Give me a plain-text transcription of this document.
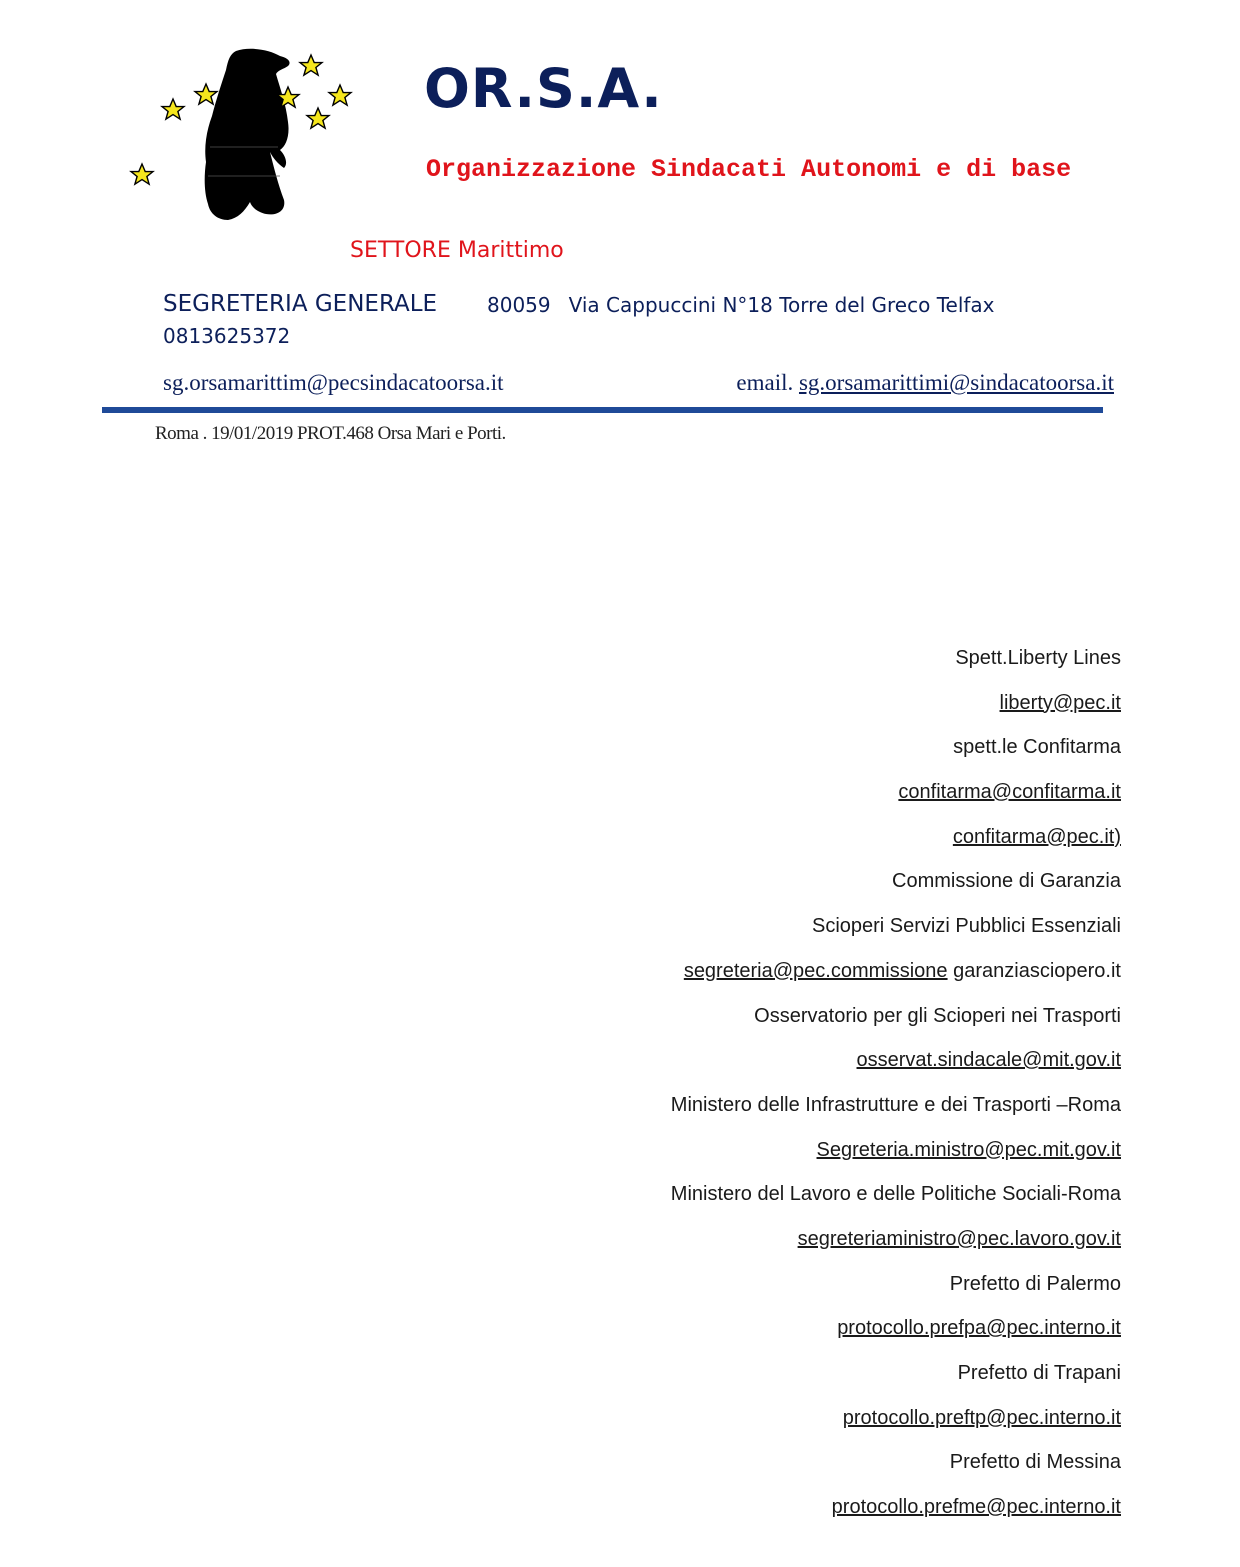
OR.S.A.
Organizzazione Sindacati Autonomi e di base
SETTORE Marittimo
SEGRETERIA GENERALE 80059 Via Cappuccini N°18 Torre del Greco Telfax
0813625372
sg.orsamarittim@pecsindacatoorsa.it	email. sg.orsamarittimi@sindacatoorsa.it
Roma . 19/01/2019 PROT.468 Orsa Mari e Porti.
Spett.Liberty Lines
liberty@pec.it
spett.le Confitarma
confitarma@confitarma.it
confitarma@pec.it)
Commissione di Garanzia
Scioperi Servizi Pubblici Essenziali
segreteria@pec.commissione garanziasciopero.it
Osservatorio per gli Scioperi nei Trasporti
osservat.sindacale@mit.gov.it
Ministero delle Infrastrutture e dei Trasporti –Roma
Segreteria.ministro@pec.mit.gov.it
Ministero del Lavoro e delle Politiche Sociali-Roma
segreteriaministro@pec.lavoro.gov.it
Prefetto di Palermo
protocollo.prefpa@pec.interno.it
Prefetto di Trapani
protocollo.preftp@pec.interno.it
Prefetto di Messina
protocollo.prefme@pec.interno.it
